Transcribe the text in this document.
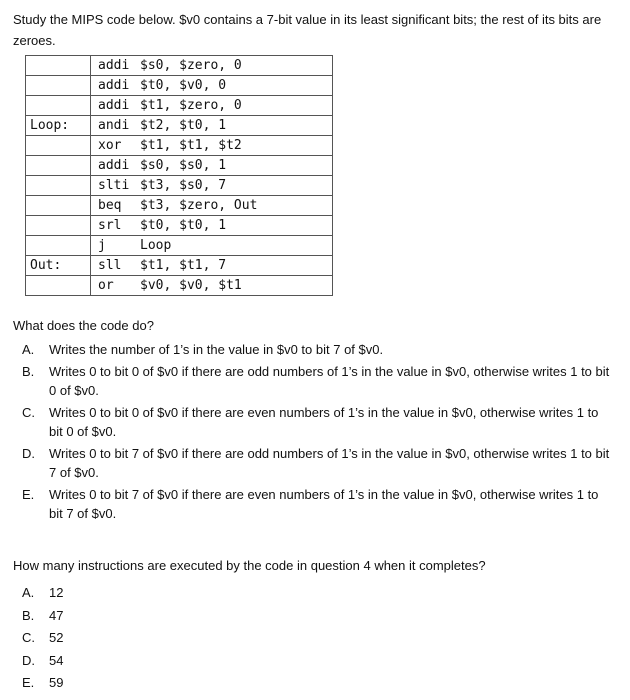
Study the MIPS code below. $v0 contains a 7-bit value in its least significant bits; the rest of its bits are zeroes.
	addi $s0, $zero, 0
	addi $t0, $v0, 0
	addi $t1, $zero, 0
Loop:	andi $t2, $t0, 1
	xor $t1, $t1, $t2
	addi $s0, $s0, 1
	slti $t3, $s0, 7
	beq $t3, $zero, Out
	srl $t0, $t0, 1
	j Loop
Out:	sll $t1, $t1, 7
	or $v0, $v0, $t1
What does the code do?
A. Writes the number of 1’s in the value in $v0 to bit 7 of $v0.
B. Writes 0 to bit 0 of $v0 if there are odd numbers of 1’s in the value in $v0, otherwise writes 1 to bit 0 of $v0.
C. Writes 0 to bit 0 of $v0 if there are even numbers of 1’s in the value in $v0, otherwise writes 1 to bit 0 of $v0.
D. Writes 0 to bit 7 of $v0 if there are odd numbers of 1’s in the value in $v0, otherwise writes 1 to bit 7 of $v0.
E. Writes 0 to bit 7 of $v0 if there are even numbers of 1’s in the value in $v0, otherwise writes 1 to bit 7 of $v0.
How many instructions are executed by the code in question 4 when it completes?
A. 12
B. 47
C. 52
D. 54
E. 59
